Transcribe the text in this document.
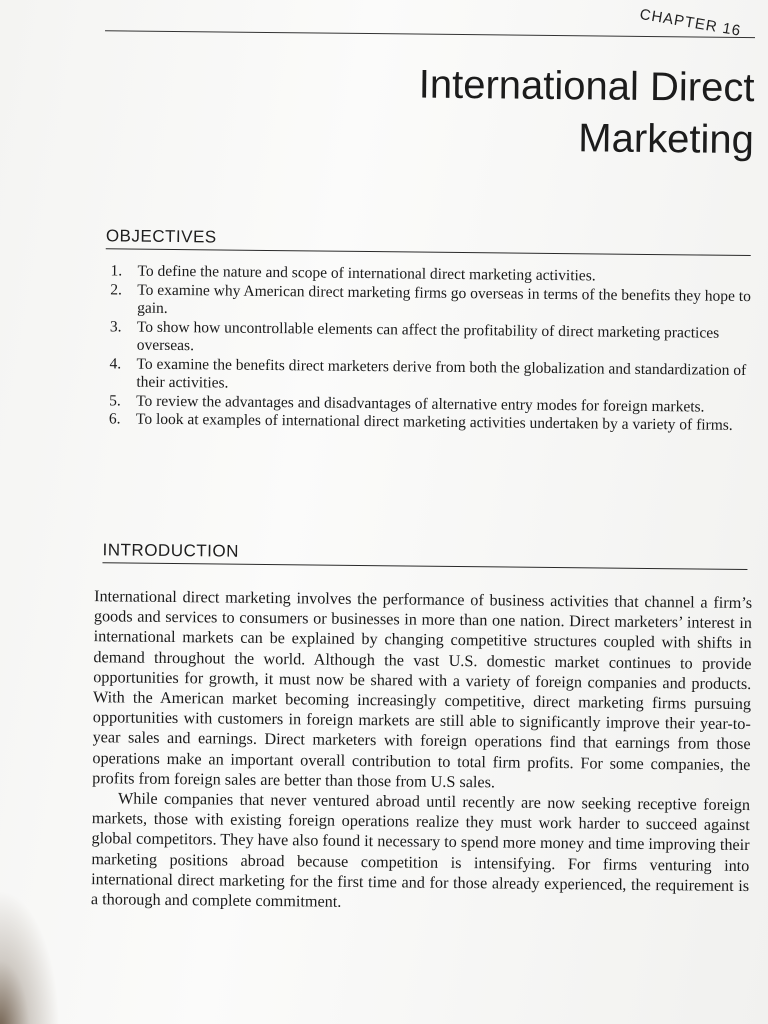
CHAPTER 16
International Direct
Marketing
OBJECTIVES
1. To define the nature and scope of international direct marketing activities.
2. To examine why American direct marketing firms go overseas in terms of the benefits they hope to gain.
3. To show how uncontrollable elements can affect the profitability of direct marketing practices overseas.
4. To examine the benefits direct marketers derive from both the globalization and standardization of their activities.
5. To review the advantages and disadvantages of alternative entry modes for foreign markets.
6. To look at examples of international direct marketing activities undertaken by a variety of firms.
INTRODUCTION

International direct marketing involves the performance of business activities that channel a firm’s goods and services to consumers or businesses in more than one nation. Direct marketers’ interest in international markets can be explained by changing competitive structures coupled with shifts in demand throughout the world. Although the vast U.S. domestic market continues to provide opportunities for growth, it must now be shared with a variety of foreign companies and products. With the American market becoming increasingly competitive, direct marketing firms pursuing opportunities with customers in foreign markets are still able to significantly improve their year-to-year sales and earnings. Direct marketers with foreign operations find that earnings from those operations make an important overall contribution to total firm profits. For some companies, the profits from foreign sales are better than those from U.S sales.

While companies that never ventured abroad until recently are now seeking receptive foreign markets, those with existing foreign operations realize they must work harder to succeed against global competitors. They have also found it necessary to spend more money and time improving their marketing positions abroad because competition is intensifying. For firms venturing into international direct marketing for the first time and for those already experienced, the requirement is a thorough and complete commitment.
